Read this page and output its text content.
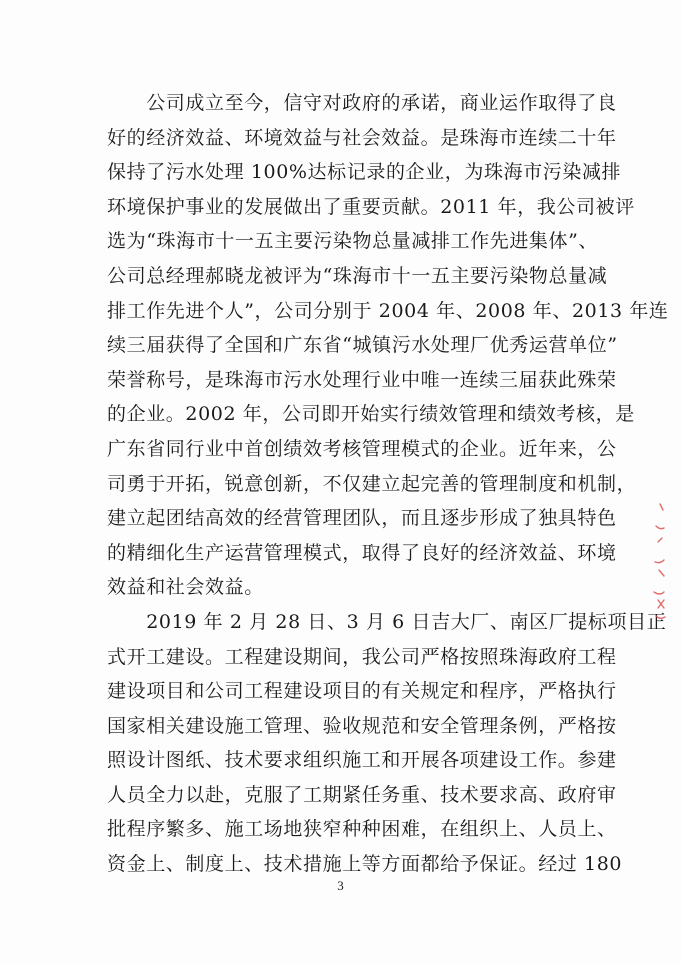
　　公司成立至今，信守对政府的承诺，商业运作取得了良
好的经济效益、环境效益与社会效益。是珠海市连续二十年
保持了污水处理 100%达标记录的企业，为珠海市污染减排
环境保护事业的发展做出了重要贡献。2011 年，我公司被评
选为“珠海市十一五主要污染物总量减排工作先进集体”、
公司总经理郝晓龙被评为“珠海市十一五主要污染物总量减
排工作先进个人”，公司分别于 2004 年、2008 年、2013 年连
续三届获得了全国和广东省“城镇污水处理厂优秀运营单位”
荣誉称号，是珠海市污水处理行业中唯一连续三届获此殊荣
的企业。2002 年，公司即开始实行绩效管理和绩效考核，是
广东省同行业中首创绩效考核管理模式的企业。近年来，公
司勇于开拓，锐意创新，不仅建立起完善的管理制度和机制，
建立起团结高效的经营管理团队，而且逐步形成了独具特色
的精细化生产运营管理模式，取得了良好的经济效益、环境
效益和社会效益。
　　2019 年 2 月 28 日、3 月 6 日吉大厂、南区厂提标项目正
式开工建设。工程建设期间，我公司严格按照珠海政府工程
建设项目和公司工程建设项目的有关规定和程序，严格执行
国家相关建设施工管理、验收规范和安全管理条例，严格按
照设计图纸、技术要求组织施工和开展各项建设工作。参建
人员全力以赴，克服了工期紧任务重、技术要求高、政府审
批程序繁多、施工场地狭窄种种困难，在组织上、人员上、
资金上、制度上、技术措施上等方面都给予保证。经过 180
3
